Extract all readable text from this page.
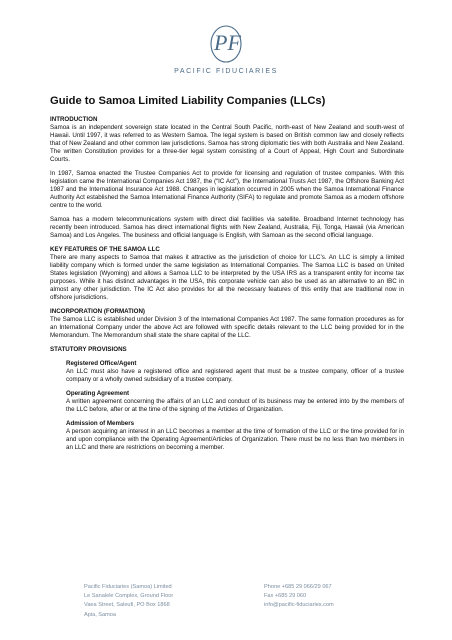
PF
PACIFIC FIDUCIARIES
Guide to Samoa Limited Liability Companies (LLCs)

INTRODUCTION

Samoa is an independent sovereign state located in the Central South Pacific, north-east of New Zealand and south-west of Hawaii. Until 1997, it was referred to as Western Samoa. The legal system is based on British common law and closely reflects that of New Zealand and other common law jurisdictions. Samoa has strong diplomatic ties with both Australia and New Zealand. The written Constitution provides for a three-tier legal system consisting of a Court of Appeal, High Court and Subordinate Courts.

In 1987, Samoa enacted the Trustee Companies Act to provide for licensing and regulation of trustee companies. With this legislation came the International Companies Act 1987, the (“IC Act”), the International Trusts Act 1987, the Offshore Banking Act 1987 and the International Insurance Act 1988. Changes in legislation occurred in 2005 when the Samoa International Finance Authority Act established the Samoa International Finance Authority (SIFA) to regulate and promote Samoa as a modern offshore centre to the world.

Samoa has a modern telecommunications system with direct dial facilities via satellite. Broadband Internet technology has recently been introduced. Samoa has direct international flights with New Zealand, Australia, Fiji, Tonga, Hawaii (via American Samoa) and Los Angeles. The business and official language is English, with Samoan as the second official language.

KEY FEATURES OF THE SAMOA LLC

There are many aspects to Samoa that makes it attractive as the jurisdiction of choice for LLC’s. An LLC is simply a limited liability company which is formed under the same legislation as International Companies. The Samoa LLC is based on United States legislation (Wyoming) and allows a Samoa LLC to be interpreted by the USA IRS as a transparent entity for income tax purposes. While it has distinct advantages in the USA, this corporate vehicle can also be used as an alternative to an IBC in almost any other jurisdiction. The IC Act also provides for all the necessary features of this entity that are traditional now in offshore jurisdictions.

INCORPORATION (FORMATION)

The Samoa LLC is established under Division 3 of the International Companies Act 1987. The same formation procedures as for an International Company under the above Act are followed with specific details relevant to the LLC being provided for in the Memorandum. The Memorandum shall state the share capital of the LLC.

STATUTORY PROVISIONS

Registered Office/Agent

An LLC must also have a registered office and registered agent that must be a trustee company, officer of a trustee company or a wholly owned subsidiary of a trustee company.

Operating Agreement

A written agreement concerning the affairs of an LLC and conduct of its business may be entered into by the members of the LLC before, after or at the time of the signing of the Articles of Organization.

Admission of Members

A person acquiring an interest in an LLC becomes a member at the time of formation of the LLC or the time provided for in and upon compliance with the Operating Agreement/Articles of Organization. There must be no less than two members in an LLC and there are restrictions on becoming a member.

Pacific Fiduciaries (Samoa) Limited
Le Sanalele Complex, Ground Floor
Vaea Street, Saleufi, PO Box 1868
Apia, Samoa
Phone +685 29 066/29 067
Fax +685 29 060
info@pacific-fiduciaries.com
